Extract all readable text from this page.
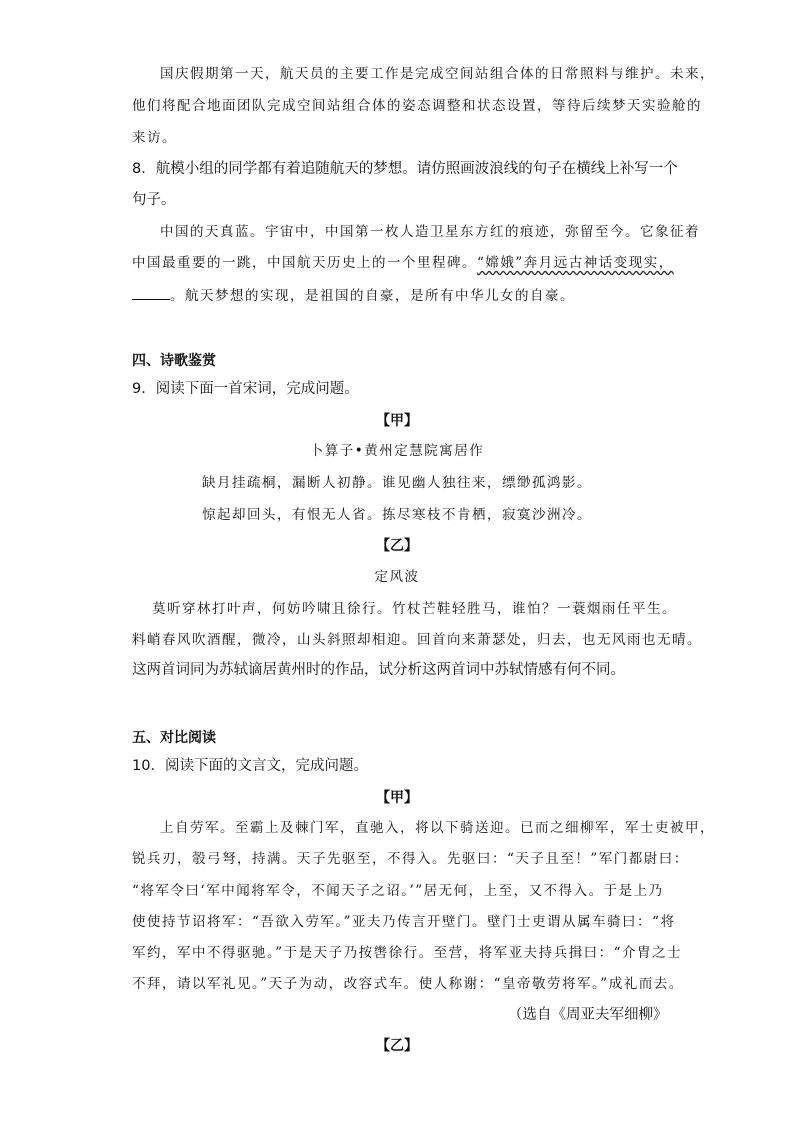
国庆假期第一天，航天员的主要工作是完成空间站组合体的日常照料与维护。未来，
他们将配合地面团队完成空间站组合体的姿态调整和状态设置，等待后续梦天实验舱的
来访。
8．航模小组的同学都有着追随航天的梦想。请仿照画波浪线的句子在横线上补写一个
句子。
中国的天真蓝。宇宙中，中国第一枚人造卫星东方红的痕迹，弥留至今。它象征着
中国最重要的一跳，中国航天历史上的一个里程碑。“嫦娥”奔月远古神话变现实，
。航天梦想的实现，是祖国的自豪，是所有中华儿女的自豪。
四、诗歌鉴赏
9．阅读下面一首宋词，完成问题。
【甲】
卜算子•黄州定慧院寓居作
缺月挂疏桐，漏断人初静。谁见幽人独往来，缥缈孤鸿影。
惊起却回头，有恨无人省。拣尽寒枝不肯栖，寂寞沙洲冷。
【乙】
定风波
莫听穿林打叶声，何妨吟啸且徐行。竹杖芒鞋轻胜马，谁怕？一蓑烟雨任平生。
料峭春风吹酒醒，微冷，山头斜照却相迎。回首向来萧瑟处，归去，也无风雨也无晴。
这两首词同为苏轼谪居黄州时的作品，试分析这两首词中苏轼情感有何不同。
五、对比阅读
10．阅读下面的文言文，完成问题。
【甲】
上自劳军。至霸上及棘门军，直驰入，将以下骑送迎。已而之细柳军，军士吏被甲，
锐兵刃，彀弓弩，持满。天子先驱至，不得入。先驱曰：“天子且至！”军门都尉曰：
“将军令曰‘军中闻将军令，不闻天子之诏。’”居无何，上至，又不得入。于是上乃
使使持节诏将军：“吾欲入劳军。”亚夫乃传言开壁门。壁门士吏谓从属车骑曰：“将
军约，军中不得驱驰。”于是天子乃按辔徐行。至营，将军亚夫持兵揖曰：“介胄之士
不拜，请以军礼见。”天子为动，改容式车。使人称谢：“皇帝敬劳将军。”成礼而去。
（选自《周亚夫军细柳》
【乙】
